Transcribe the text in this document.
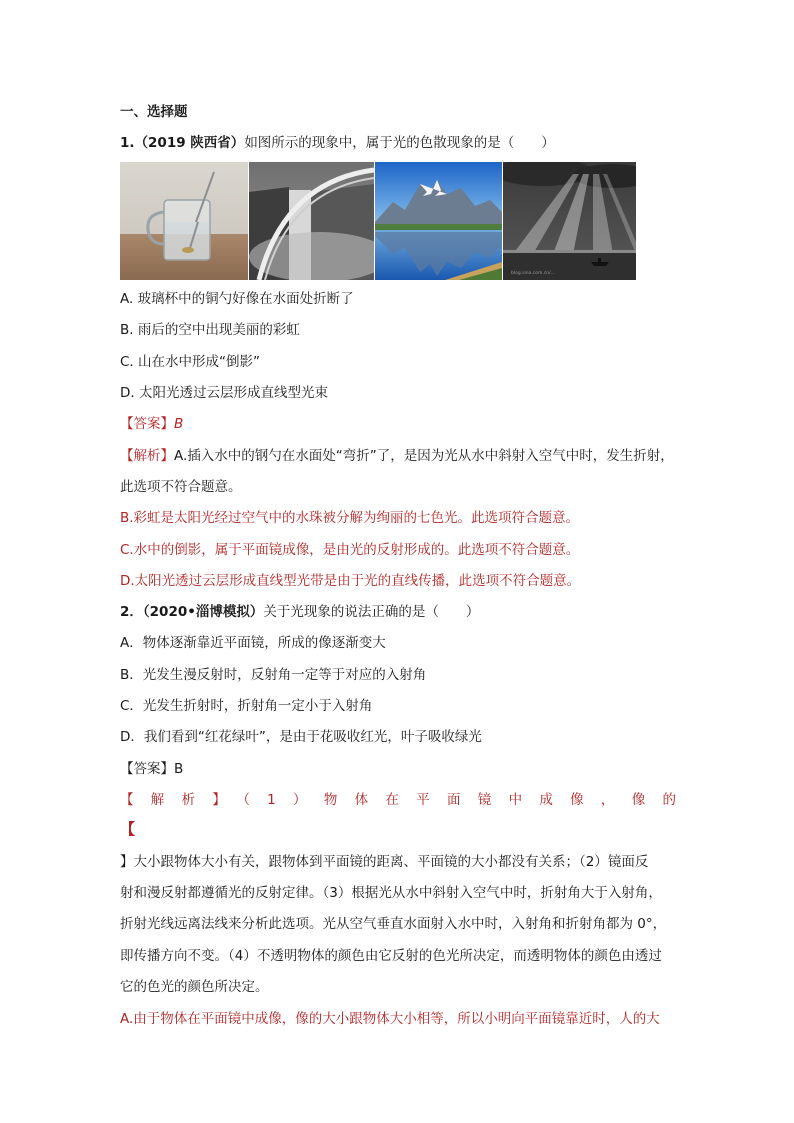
一、选择题
1.（2019 陕西省）如图所示的现象中，属于光的色散现象的是（　　）
blog.sina.com.cn/...
A. 玻璃杯中的铜勺好像在水面处折断了
B. 雨后的空中出现美丽的彩虹
C. 山在水中形成“倒影”
D. 太阳光透过云层形成直线型光束
【答案】B
【解析】A.插入水中的钢勺在水面处“弯折”了，是因为光从水中斜射入空气中时，发生折射，
此选项不符合题意。
B.彩虹是太阳光经过空气中的水珠被分解为绚丽的七色光。此选项符合题意。
C.水中的倒影，属于平面镜成像，是由光的反射形成的。此选项不符合题意。
D.太阳光透过云层形成直线型光带是由于光的直线传播，此选项不符合题意。
2．（2020•淄博模拟）关于光现象的说法正确的是（　　）
A．物体逐渐靠近平面镜，所成的像逐渐变大
B．光发生漫反射时，反射角一定等于对应的入射角
C．光发生折射时，折射角一定小于入射角
D．我们看到“红花绿叶”，是由于花吸收红光，叶子吸收绿光
【答案】B
【解析】（1）物体在平面镜中成像，像的
【
】大小跟物体大小有关，跟物体到平面镜的距离、平面镜的大小都没有关系；（2）镜面反
射和漫反射都遵循光的反射定律。（3）根据光从水中斜射入空气中时，折射角大于入射角，
折射光线远离法线来分析此选项。光从空气垂直水面射入水中时，入射角和折射角都为 0°，
即传播方向不变。（4）不透明物体的颜色由它反射的色光所决定，而透明物体的颜色由透过
它的色光的颜色所决定。
A.由于物体在平面镜中成像，像的大小跟物体大小相等，所以小明向平面镜靠近时，人的大
